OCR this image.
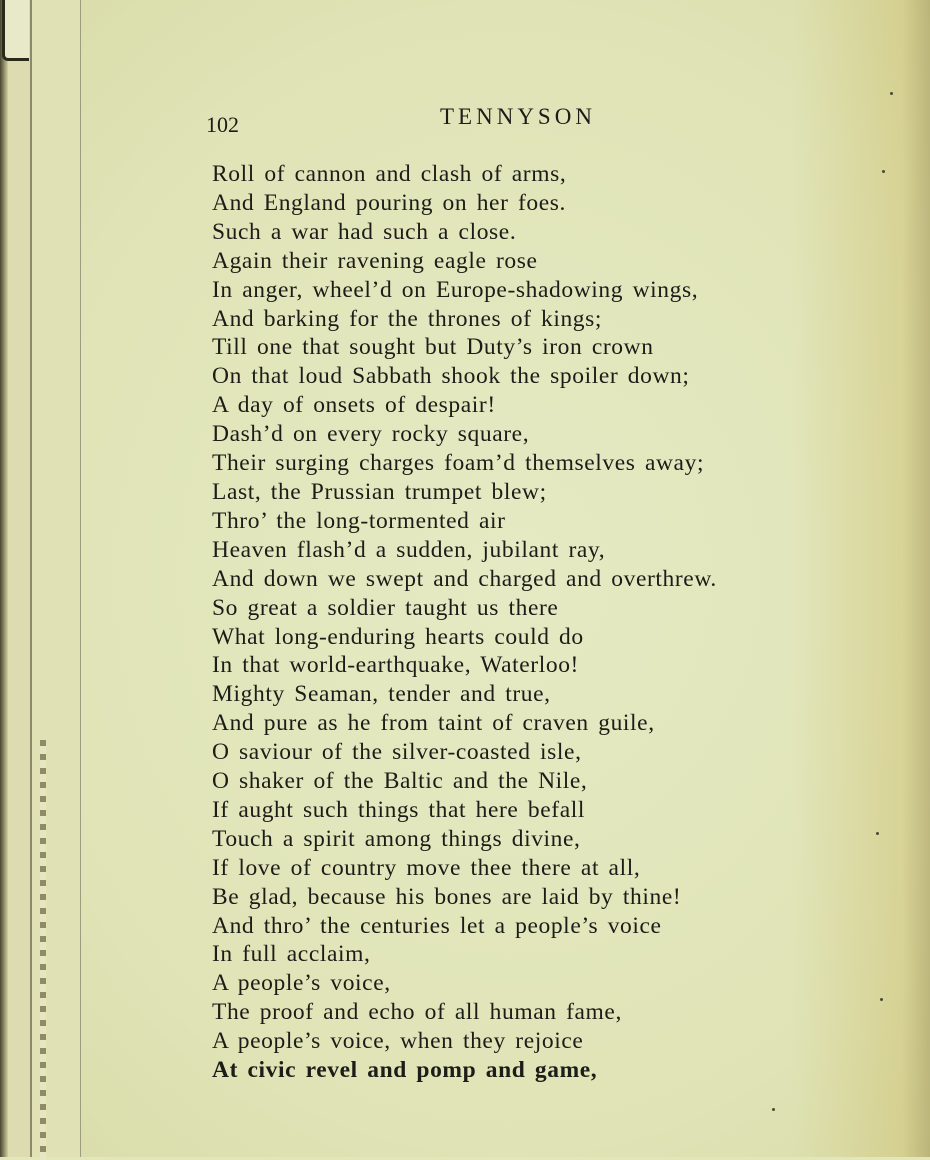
102	TENNYSON
Roll of cannon and clash of arms,
And England pouring on her foes.
Such a war had such a close.
Again their ravening eagle rose
In anger, wheel’d on Europe-shadowing wings,
And barking for the thrones of kings;
Till one that sought but Duty’s iron crown
On that loud Sabbath shook the spoiler down;
A day of onsets of despair!
Dash’d on every rocky square,
Their surging charges foam’d themselves away;
Last, the Prussian trumpet blew;
Thro’ the long-tormented air
Heaven flash’d a sudden, jubilant ray,
And down we swept and charged and overthrew.
So great a soldier taught us there
What long-enduring hearts could do
In that world-earthquake, Waterloo!
Mighty Seaman, tender and true,
And pure as he from taint of craven guile,
O saviour of the silver-coasted isle,
O shaker of the Baltic and the Nile,
If aught such things that here befall
Touch a spirit among things divine,
If love of country move thee there at all,
Be glad, because his bones are laid by thine!
And thro’ the centuries let a people’s voice
In full acclaim,
A people’s voice,
The proof and echo of all human fame,
A people’s voice, when they rejoice
At civic revel and pomp and game,
